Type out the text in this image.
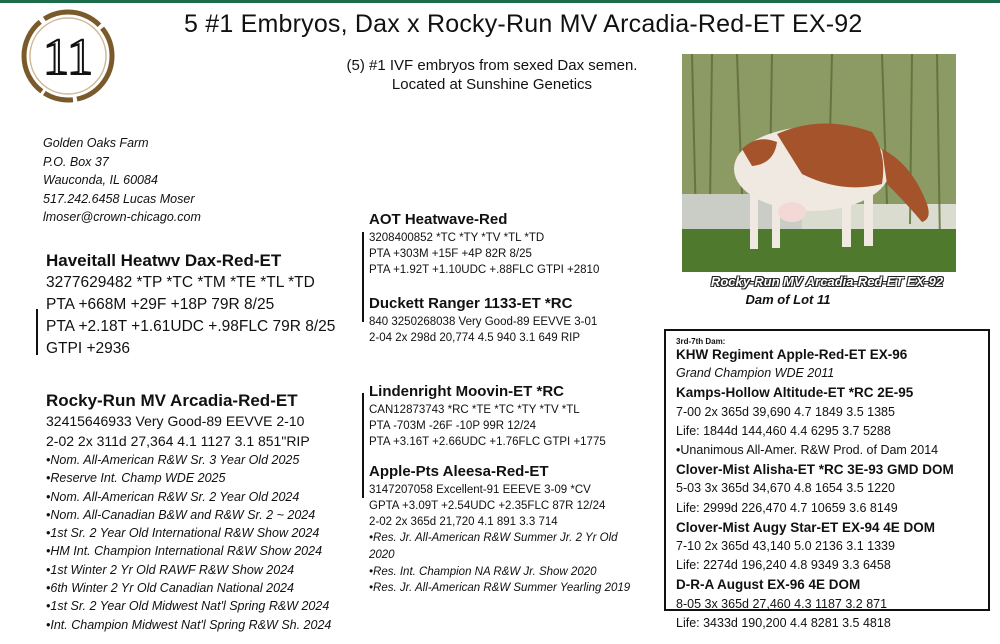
11
5 #1 Embryos, Dax x Rocky-Run MV Arcadia-Red-ET EX-92
(5) #1 IVF embryos from sexed Dax semen.
Located at Sunshine Genetics
Golden Oaks Farm
P.O. Box 37
Wauconda, IL 60084
517.242.6458 Lucas Moser
lmoser@crown-chicago.com
Rocky-Run MV Arcadia-Red-ET EX-92
Dam of Lot 11
Haveitall Heatwv Dax-Red-ET
3277629482 *TP *TC *TM *TE *TL *TD
PTA +668M +29F +18P 79R 8/25
PTA +2.18T +1.61UDC +.98FLC 79R 8/25
GTPI +2936
Rocky-Run MV Arcadia-Red-ET
32415646933 Very Good-89 EEVVE 2-10
2-02 2x 311d 27,364 4.1 1127 3.1 851"RIP
•Nom. All-American R&W Sr. 3 Year Old 2025
•Reserve Int. Champ WDE 2025
•Nom. All-American R&W Sr. 2 Year Old 2024
•Nom. All-Canadian B&W and R&W Sr. 2 ~ 2024
•1st Sr. 2 Year Old International R&W Show 2024
•HM Int. Champion International R&W Show 2024
•1st Winter 2 Yr Old RAWF R&W Show 2024
•6th Winter 2 Yr Old Canadian National 2024
•1st Sr. 2 Year Old Midwest Nat'l Spring R&W 2024
•Int. Champion Midwest Nat'l Spring R&W Sh. 2024
AOT Heatwave-Red
3208400852 *TC *TY *TV *TL *TD
PTA +303M +15F +4P 82R 8/25
PTA +1.92T +1.10UDC +.88FLC GTPI +2810
Duckett Ranger 1133-ET *RC
840 3250268038 Very Good-89 EEVVE 3-01
2-04 2x 298d 20,774 4.5 940 3.1 649 RIP
Lindenright Moovin-ET *RC
CAN12873743 *RC *TE *TC *TY *TV *TL
PTA -703M -26F -10P 99R 12/24
PTA +3.16T +2.66UDC +1.76FLC GTPI +1775
Apple-Pts Aleesa-Red-ET
3147207058 Excellent-91 EEEVE 3-09 *CV
GPTA +3.09T +2.54UDC +2.35FLC 87R 12/24
2-02 2x 365d 21,720 4.1 891 3.3 714
•Res. Jr. All-American R&W Summer Jr. 2 Yr Old
2020
•Res. Int. Champion NA R&W Jr. Show 2020
•Res. Jr. All-American R&W Summer Yearling 2019
3rd-7th Dam:
KHW Regiment Apple-Red-ET EX-96
Grand Champion WDE 2011
Kamps-Hollow Altitude-ET *RC 2E-95
7-00 2x 365d 39,690 4.7 1849 3.5 1385
Life: 1844d 144,460 4.4 6295 3.7 5288
•Unanimous All-Amer. R&W Prod. of Dam 2014
Clover-Mist Alisha-ET *RC 3E-93 GMD DOM
5-03 3x 365d 34,670 4.8 1654 3.5 1220
Life: 2999d 226,470 4.7 10659 3.6 8149
Clover-Mist Augy Star-ET EX-94 4E DOM
7-10 2x 365d 43,140 5.0 2136 3.1 1339
Life: 2274d 196,240 4.8 9349 3.3 6458
D-R-A August EX-96 4E DOM
8-05 3x 365d 27,460 4.3 1187 3.2 871
Life: 3433d 190,200 4.4 8281 3.5 4818
